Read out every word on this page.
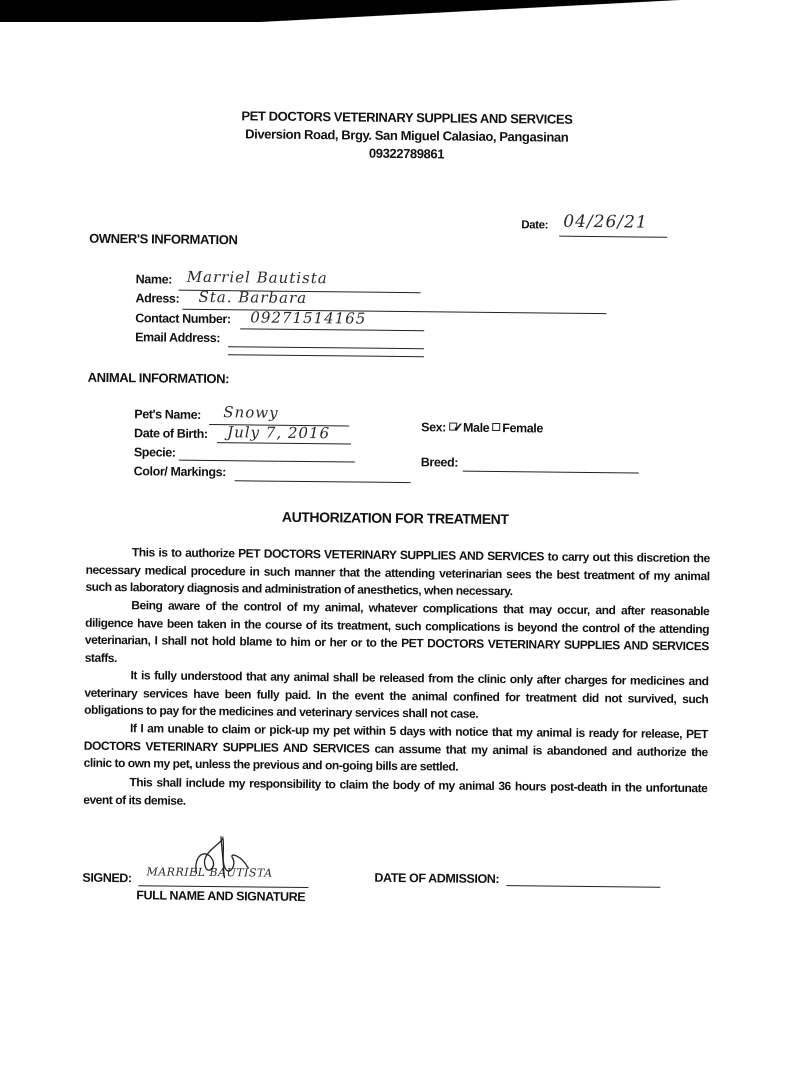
PET DOCTORS VETERINARY SUPPLIES AND SERVICES
Diversion Road, Brgy. San Miguel Calasiao, Pangasinan
09322789861
Date: 04/26/21
OWNER'S INFORMATION
Name: Marriel Bautista
Adress: Sta. Barbara
Contact Number: 09271514165
Email Address:
ANIMAL INFORMATION:
Pet's Name: Snowy
Date of Birth: July 7, 2016
Specie:
Color/ Markings:
Sex: ✓Male Female
Breed:
AUTHORIZATION FOR TREATMENT

This is to authorize PET DOCTORS VETERINARY SUPPLIES AND SERVICES to carry out this discretion the necessary medical procedure in such manner that the attending veterinarian sees the best treatment of my animal such as laboratory diagnosis and administration of anesthetics, when necessary.

Being aware of the control of my animal, whatever complications that may occur, and after reasonable diligence have been taken in the course of its treatment, such complications is beyond the control of the attending veterinarian, I shall not hold blame to him or her or to the PET DOCTORS VETERINARY SUPPLIES AND SERVICES staffs.

It is fully understood that any animal shall be released from the clinic only after charges for medicines and veterinary services have been fully paid. In the event the animal confined for treatment did not survived, such obligations to pay for the medicines and veterinary services shall not case.

If I am unable to claim or pick-up my pet within 5 days with notice that my animal is ready for release, PET DOCTORS VETERINARY SUPPLIES AND SERVICES can assume that my animal is abandoned and authorize the clinic to own my pet, unless the previous and on-going bills are settled.

This shall include my responsibility to claim the body of my animal 36 hours post-death in the unfortunate event of its demise.

SIGNED: MARRIEL BAUTISTA
FULL NAME AND SIGNATURE
DATE OF ADMISSION:
